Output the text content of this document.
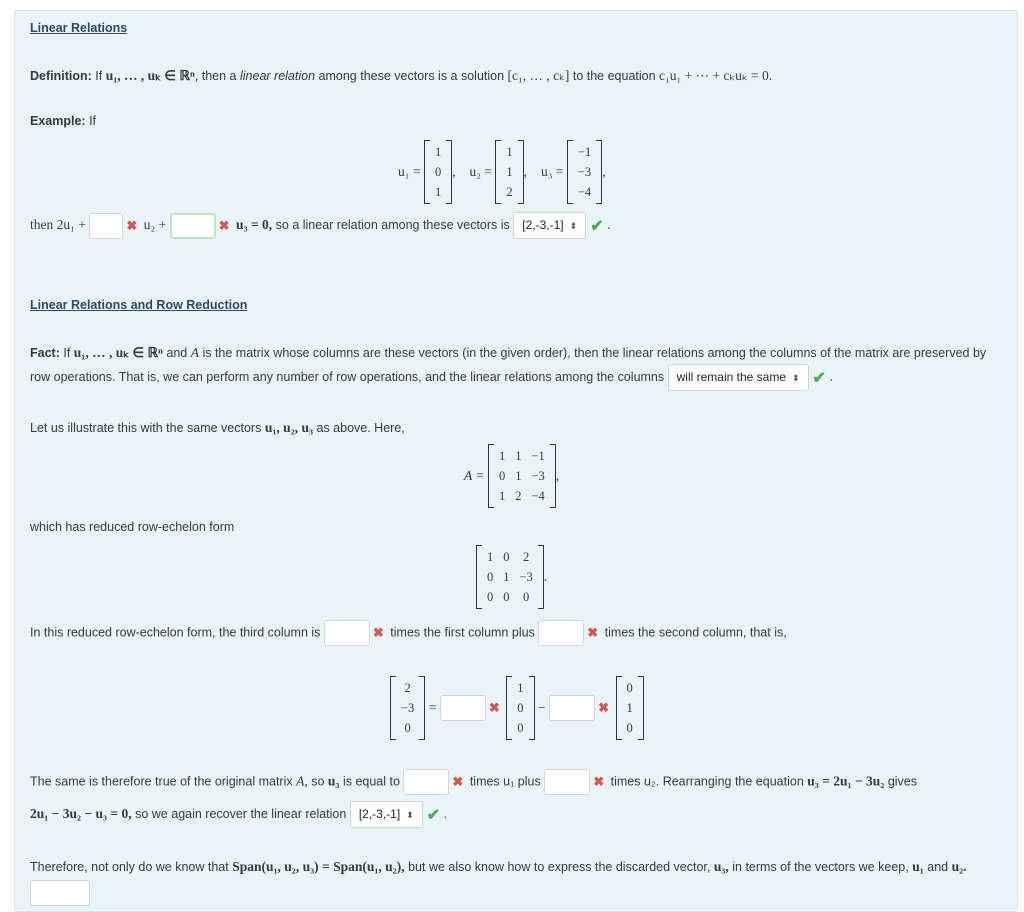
Linear Relations
Definition: If u₁, … , uₖ ∈ ℝⁿ, then a linear relation among these vectors is a solution [c₁, … , cₖ] to the equation c₁u₁ + ⋯ + cₖuₖ = 0.
Example: If
u₁ =
1
0
1
, u₂ =
1
1
2
, u₃ =
−1
−3
−4
,
then 2u₁ +	✖ u₂ +	✖ u₃ = 0, so a linear relation among these vectors is [2,-3,-1] ⬍ ✔ .
Linear Relations and Row Reduction
Fact: If u₁, … , uₖ ∈ ℝⁿ and A is the matrix whose columns are these vectors (in the given order), then the linear relations among the columns of the matrix are preserved by
row operations. That is, we can perform any number of row operations, and the linear relations among the columns will remain the same ⬍ ✔ .
Let us illustrate this with the same vectors u₁, u₂, u₃ as above. Here,
A =
1	1	−1
0	1	−3
1	2	−4
,
which has reduced row-echelon form
1	0	2
0	1	−3
0	0	0
.
In this reduced row-echelon form, the third column is	✖ times the first column plus	✖ times the second column, that is,
2
−3
0
=	✖
1
0
0
−	✖
0
1
0
The same is therefore true of the original matrix A, so u₃ is equal to	✖ times u₁ plus	✖ times u₂. Rearranging the equation u₃ = 2u₁ − 3u₂ gives
2u₁ − 3u₂ − u₃ = 0, so we again recover the linear relation [2,-3,-1] ⬍ ✔ .
Therefore, not only do we know that Span(u₁, u₂, u₃) = Span(u₁, u₂), but we also know how to express the discarded vector, u₃, in terms of the vectors we keep, u₁ and u₂.
